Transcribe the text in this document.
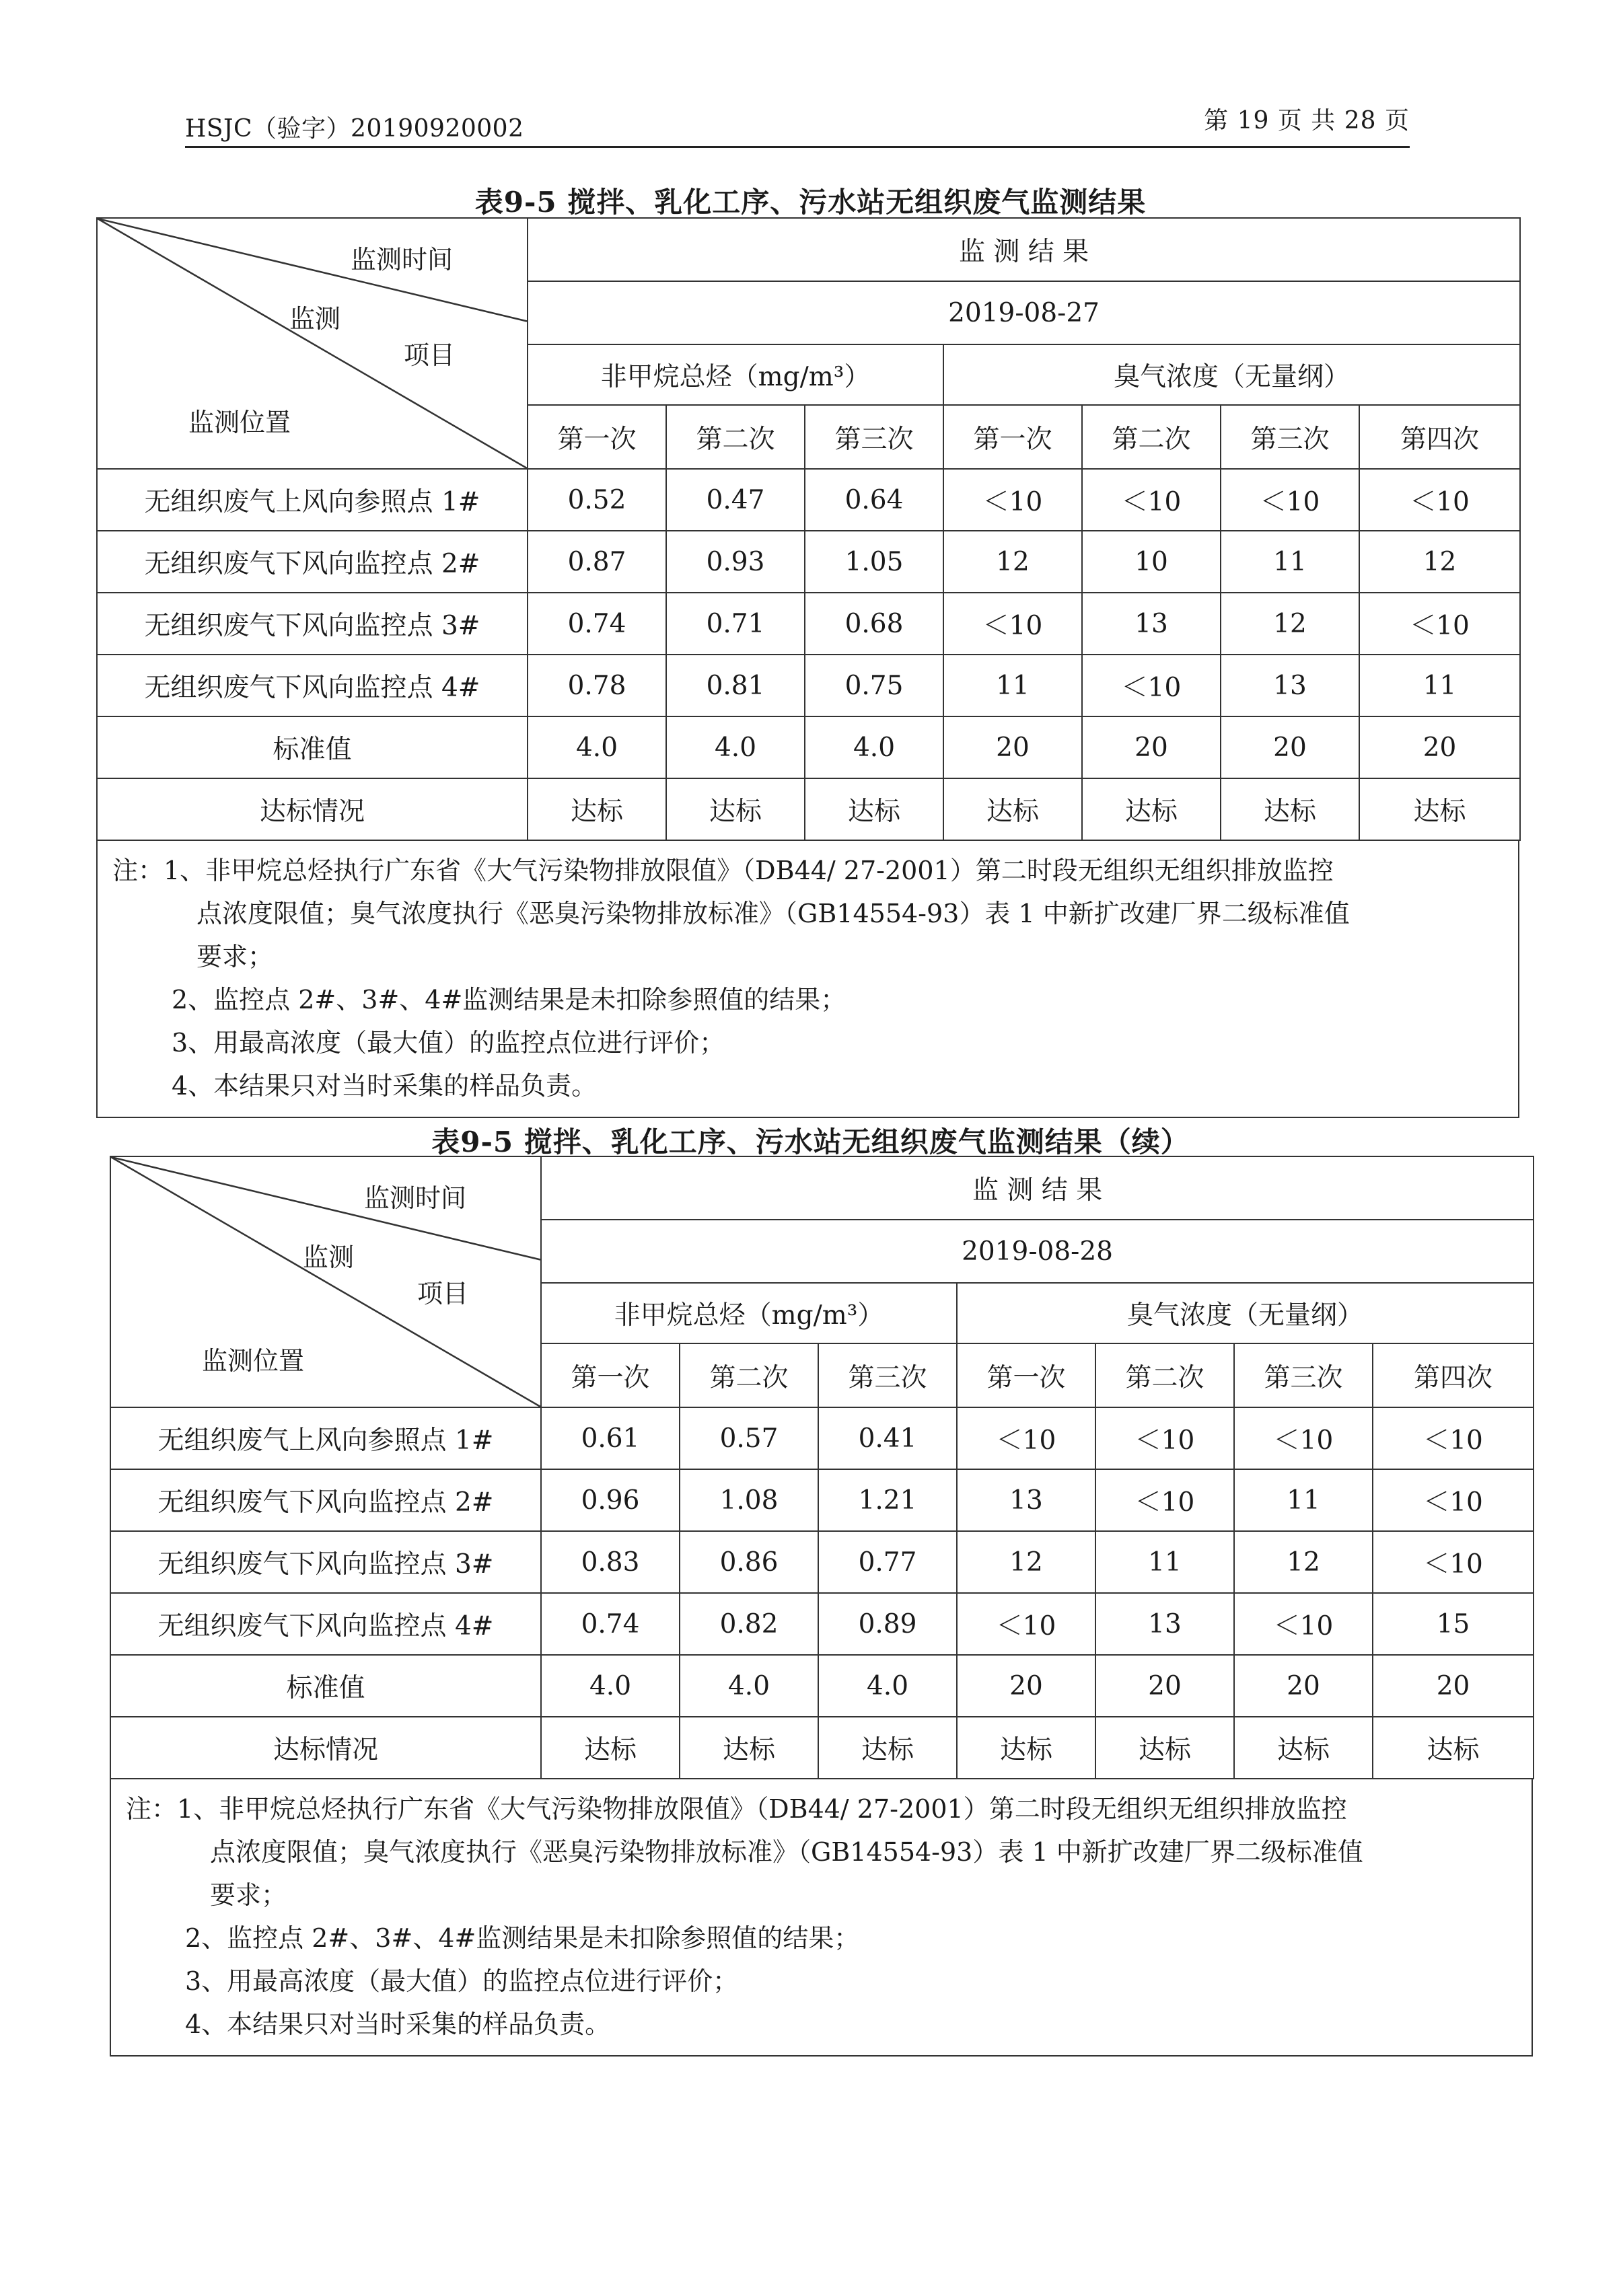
HSJC（验字）20190920002	第 19 页 共 28 页
表9-5 搅拌、乳化工序、污水站无组织废气监测结果
监测时间
监测
项目
监测位置	监 测 结 果						
	2019-08-27						
	非甲烷总烃（mg/m³）			臭气浓度（无量纲）			
	第一次	第二次	第三次	第一次	第二次	第三次	第四次
无组织废气上风向参照点 1#	0.52	0.47	0.64	＜10	＜10	＜10	＜10
无组织废气下风向监控点 2#	0.87	0.93	1.05	12	10	11	12
无组织废气下风向监控点 3#	0.74	0.71	0.68	＜10	13	12	＜10
无组织废气下风向监控点 4#	0.78	0.81	0.75	11	＜10	13	11
标准值	4.0	4.0	4.0	20	20	20	20
达标情况	达标	达标	达标	达标	达标	达标	达标
注：1、非甲烷总烃执行广东省《大气污染物排放限值》（DB44/ 27-2001）第二时段无组织无组织排放监控
点浓度限值；臭气浓度执行《恶臭污染物排放标准》（GB14554-93）表 1 中新扩改建厂界二级标准值
要求；
2、监控点 2#、3#、4#监测结果是未扣除参照值的结果；
3、用最高浓度（最大值）的监控点位进行评价；
4、本结果只对当时采集的样品负责。
表9-5 搅拌、乳化工序、污水站无组织废气监测结果（续）
监测时间
监测
项目
监测位置	监 测 结 果						
	2019-08-28						
	非甲烷总烃（mg/m³）			臭气浓度（无量纲）			
	第一次	第二次	第三次	第一次	第二次	第三次	第四次
无组织废气上风向参照点 1#	0.61	0.57	0.41	＜10	＜10	＜10	＜10
无组织废气下风向监控点 2#	0.96	1.08	1.21	13	＜10	11	＜10
无组织废气下风向监控点 3#	0.83	0.86	0.77	12	11	12	＜10
无组织废气下风向监控点 4#	0.74	0.82	0.89	＜10	13	＜10	15
标准值	4.0	4.0	4.0	20	20	20	20
达标情况	达标	达标	达标	达标	达标	达标	达标
注：1、非甲烷总烃执行广东省《大气污染物排放限值》（DB44/ 27-2001）第二时段无组织无组织排放监控
点浓度限值；臭气浓度执行《恶臭污染物排放标准》（GB14554-93）表 1 中新扩改建厂界二级标准值
要求；
2、监控点 2#、3#、4#监测结果是未扣除参照值的结果；
3、用最高浓度（最大值）的监控点位进行评价；
4、本结果只对当时采集的样品负责。
